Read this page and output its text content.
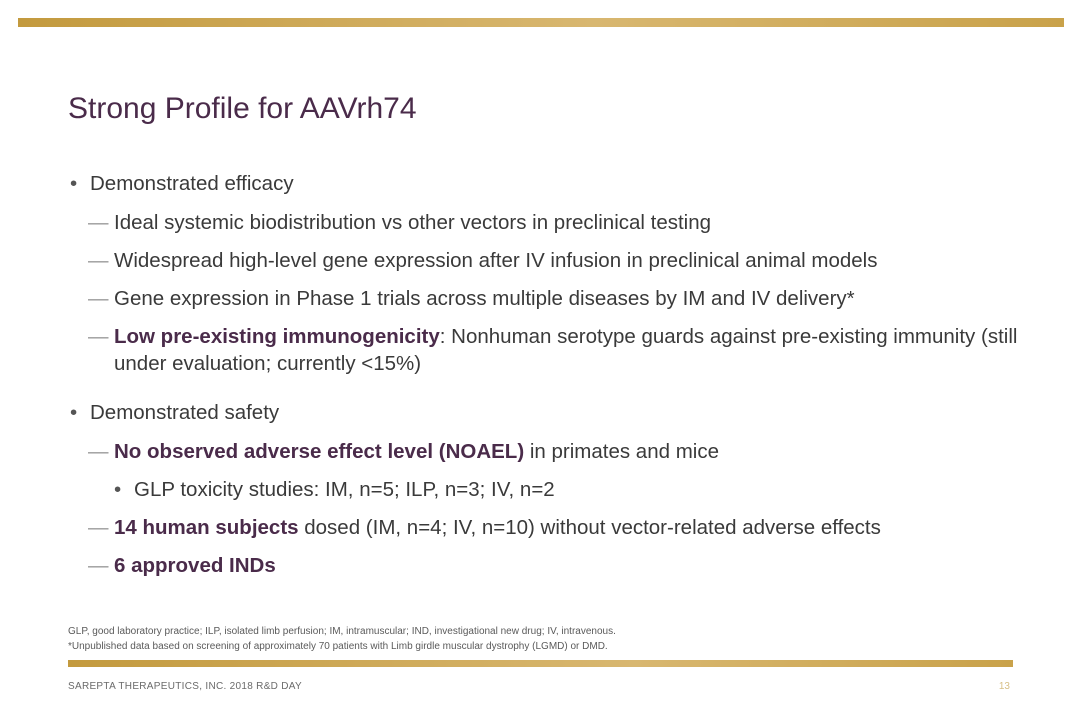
Strong Profile for AAVrh74
• Demonstrated efficacy
— Ideal systemic biodistribution vs other vectors in preclinical testing
— Widespread high-level gene expression after IV infusion in preclinical animal models
— Gene expression in Phase 1 trials across multiple diseases by IM and IV delivery*
— Low pre-existing immunogenicity: Nonhuman serotype guards against pre-existing immunity (still under evaluation; currently <15%)
• Demonstrated safety
— No observed adverse effect level (NOAEL) in primates and mice
• GLP toxicity studies: IM, n=5; ILP, n=3; IV, n=2
— 14 human subjects dosed (IM, n=4; IV, n=10) without vector-related adverse effects
— 6 approved INDs
GLP, good laboratory practice; ILP, isolated limb perfusion; IM, intramuscular; IND, investigational new drug; IV, intravenous.
*Unpublished data based on screening of approximately 70 patients with Limb girdle muscular dystrophy (LGMD) or DMD.
SAREPTA THERAPEUTICS, INC. 2018 R&D DAY	13
